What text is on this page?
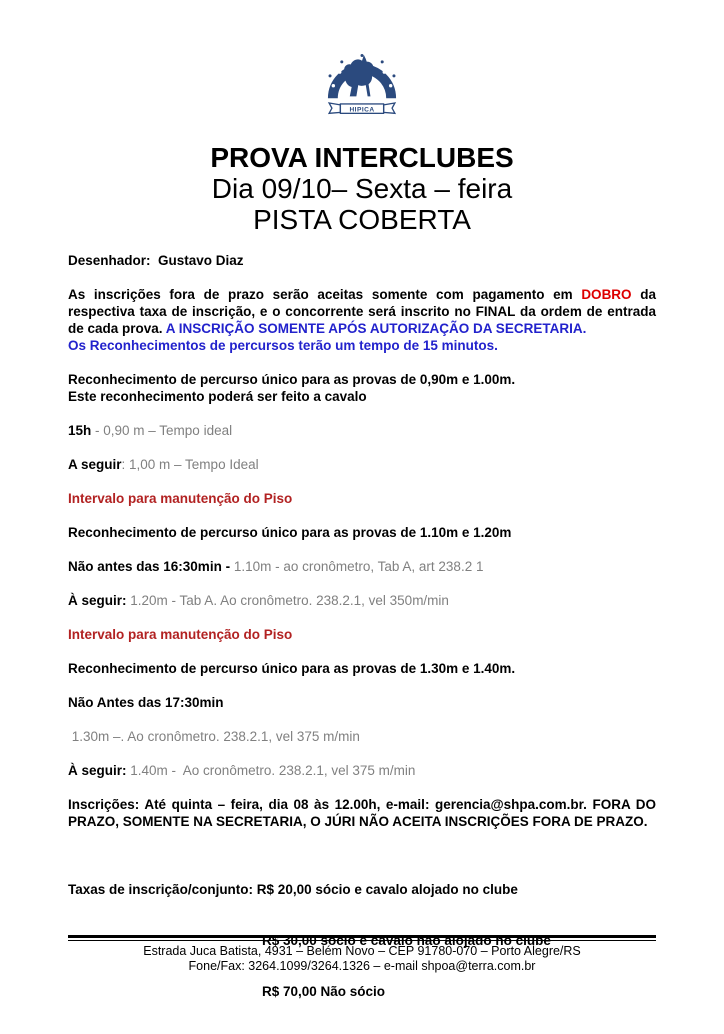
HIPICA
PROVA INTERCLUBES
Dia 09/10– Sexta – feira
PISTA COBERTA

Desenhador:  Gustavo Diaz

As inscrições fora de prazo serão aceitas somente com pagamento em DOBRO da respectiva taxa de inscrição, e o concorrente será inscrito no FINAL da ordem de entrada de cada prova. A INSCRIÇÃO SOMENTE APÓS AUTORIZAÇÃO DA SECRETARIA.

Os Reconhecimentos de percursos terão um tempo de 15 minutos.

Reconhecimento de percurso único para as provas de 0,90m e 1.00m.
Este reconhecimento poderá ser feito a cavalo

15h - 0,90 m – Tempo ideal

A seguir: 1,00 m – Tempo Ideal

Intervalo para manutenção do Piso

Reconhecimento de percurso único para as provas de 1.10m e 1.20m

Não antes das 16:30min - 1.10m - ao cronômetro, Tab A, art 238.2 1

À seguir: 1.20m - Tab A. Ao cronômetro. 238.2.1, vel 350m/min

Intervalo para manutenção do Piso

Reconhecimento de percurso único para as provas de 1.30m e 1.40m.

Não Antes das 17:30min

1.30m –. Ao cronômetro. 238.2.1, vel 375 m/min

À seguir: 1.40m -  Ao cronômetro. 238.2.1, vel 375 m/min

Inscrições: Até quinta – feira, dia 08 às 12.00h, e-mail: gerencia@shpa.com.br. FORA DO PRAZO, SOMENTE NA SECRETARIA, O JÚRI NÃO ACEITA INSCRIÇÕES FORA DE PRAZO.

Taxas de inscrição/conjunto: R$ 20,00 sócio e cavalo alojado no clube

R$ 30,00 sócio e cavalo não alojado no clube

R$ 70,00 Não sócio

Estrada Juca Batista, 4931 – Belém Novo – CEP 91780-070 – Porto Alegre/RS
Fone/Fax: 3264.1099/3264.1326 – e-mail shpoa@terra.com.br
